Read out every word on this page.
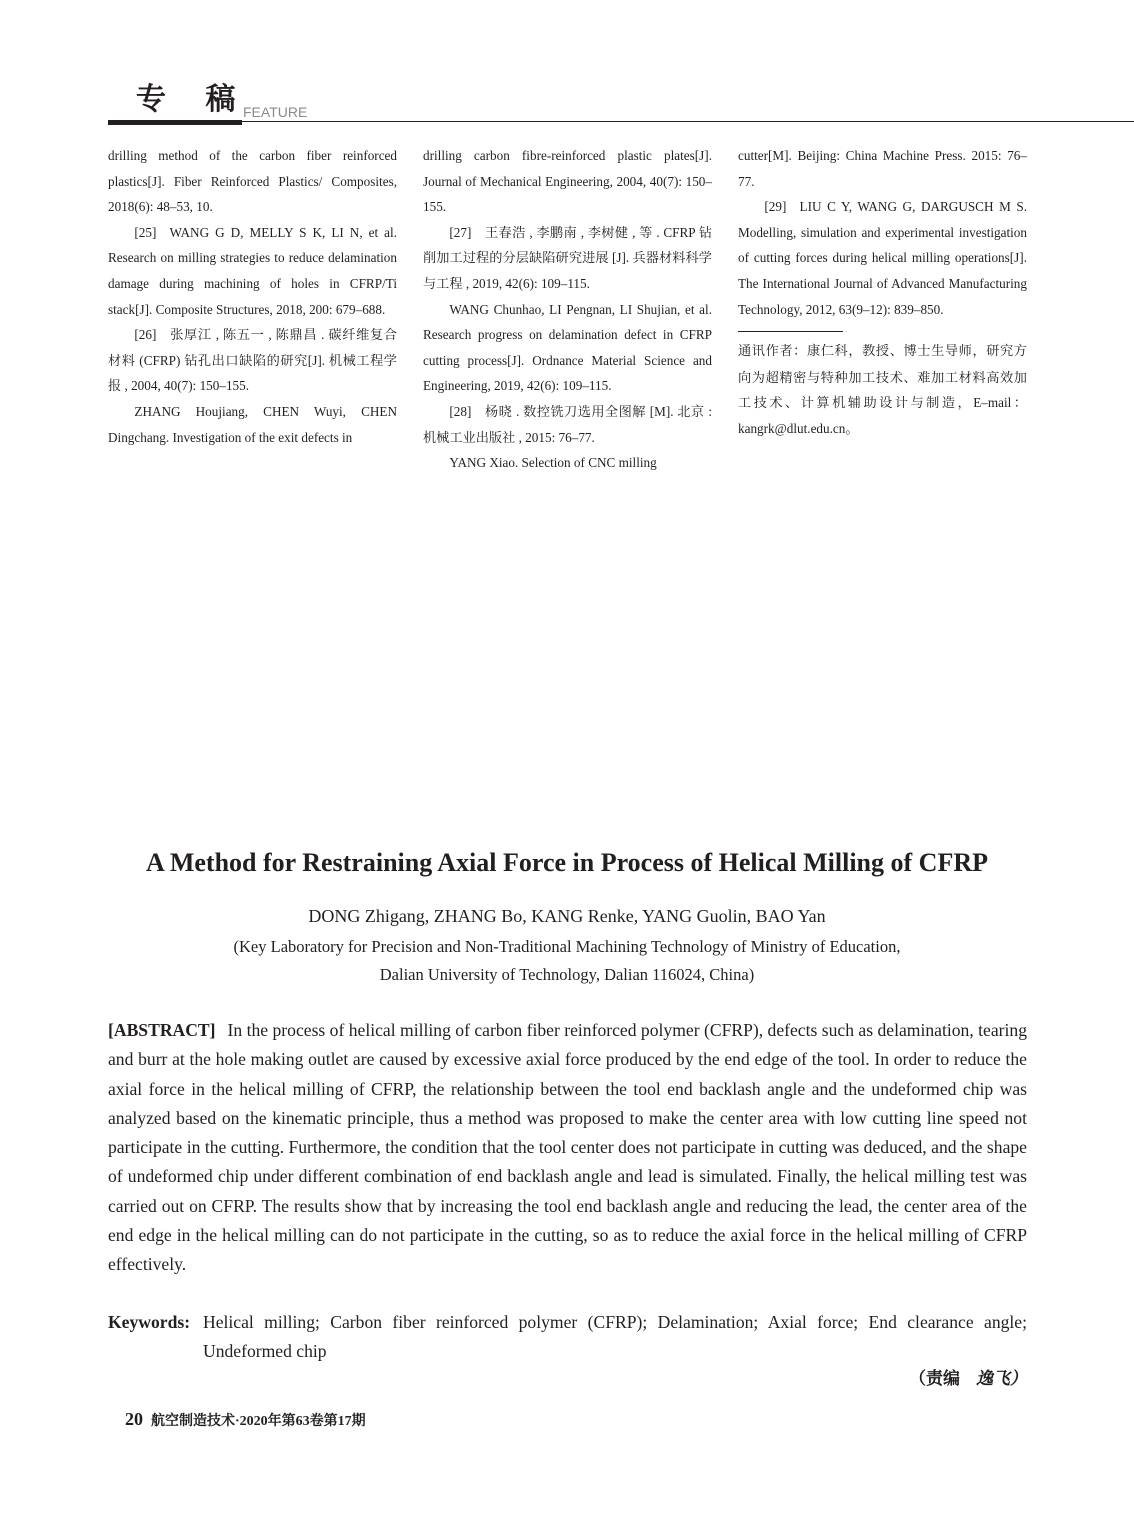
专 稿
FEATURE

drilling method of the carbon fiber reinforced plastics[J]. Fiber Reinforced Plastics/ Composites, 2018(6): 48–53, 10.

[25] WANG G D, MELLY S K, LI N, et al. Research on milling strategies to reduce delamination damage during machining of holes in CFRP/Ti stack[J]. Composite Structures, 2018, 200: 679–688.

[26] 张厚江 , 陈五一 , 陈鼎昌 . 碳纤维复合材料 (CFRP) 钻孔出口缺陷的研究[J]. 机械工程学报 , 2004, 40(7): 150–155.

ZHANG Houjiang, CHEN Wuyi, CHEN Dingchang. Investigation of the exit defects in

drilling carbon fibre-reinforced plastic plates[J]. Journal of Mechanical Engineering, 2004, 40(7): 150–155.

[27] 王春浩 , 李鹏南 , 李树健 , 等 . CFRP 钻削加工过程的分层缺陷研究进展 [J]. 兵器材料科学与工程 , 2019, 42(6): 109–115.

WANG Chunhao, LI Pengnan, LI Shujian, et al. Research progress on delamination defect in CFRP cutting process[J]. Ordnance Material Science and Engineering, 2019, 42(6): 109–115.

[28] 杨晓 . 数控铣刀选用全图解 [M]. 北京 : 机械工业出版社 , 2015: 76–77.

YANG Xiao. Selection of CNC milling

cutter[M]. Beijing: China Machine Press. 2015: 76–77.

[29] LIU C Y, WANG G, DARGUSCH M S. Modelling, simulation and experimental investigation of cutting forces during helical milling operations[J]. The International Journal of Advanced Manufacturing Technology, 2012, 63(9–12): 839–850.

通讯作者：康仁科，教授、博士生导师，研究方向为超精密与特种加工技术、难加工材料高效加工技术、计算机辅助设计与制造，E–mail：kangrk@dlut.edu.cn。

A Method for Restraining Axial Force in Process of Helical Milling of CFRP
DONG Zhigang, ZHANG Bo, KANG Renke, YANG Guolin, BAO Yan
(Key Laboratory for Precision and Non-Traditional Machining Technology of Ministry of Education,
Dalian University of Technology, Dalian 116024, China)
[ABSTRACT] In the process of helical milling of carbon fiber reinforced polymer (CFRP), defects such as delamination, tearing and burr at the hole making outlet are caused by excessive axial force produced by the end edge of the tool. In order to reduce the axial force in the helical milling of CFRP, the relationship between the tool end backlash angle and the undeformed chip was analyzed based on the kinematic principle, thus a method was proposed to make the center area with low cutting line speed not participate in the cutting. Furthermore, the condition that the tool center does not participate in cutting was deduced, and the shape of undeformed chip under different combination of end backlash angle and lead is simulated. Finally, the helical milling test was carried out on CFRP. The results show that by increasing the tool end backlash angle and reducing the lead, the center area of the end edge in the helical milling can do not participate in the cutting, so as to reduce the axial force in the helical milling of CFRP effectively.
Keywords: Helical milling; Carbon fiber reinforced polymer (CFRP); Delamination; Axial force; End clearance angle; Undeformed chip
（责编 逸飞）
20 航空制造技术·2020年第63卷第17期
